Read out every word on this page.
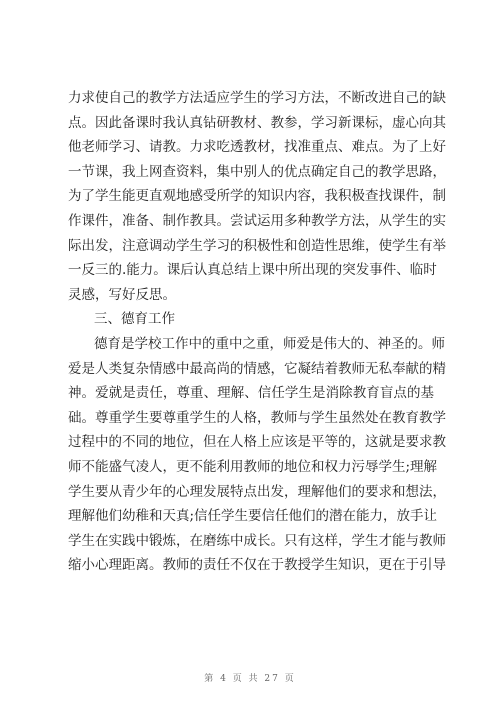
力求使自己的教学方法适应学生的学习方法，不断改进自己的缺
点。因此备课时我认真钻研教材、教参，学习新课标，虚心向其
他老师学习、请教。力求吃透教材，找准重点、难点。为了上好
一节课，我上网查资料，集中别人的优点确定自己的教学思路，
为了学生能更直观地感受所学的知识内容，我积极查找课件，制
作课件，准备、制作教具。尝试运用多种教学方法，从学生的实
际出发，注意调动学生学习的积极性和创造性思维，使学生有举
一反三的.能力。课后认真总结上课中所出现的突发事件、临时
灵感，写好反思。
三、德育工作
德育是学校工作中的重中之重，师爱是伟大的、神圣的。师
爱是人类复杂情感中最高尚的情感，它凝结着教师无私奉献的精
神。爱就是责任，尊重、理解、信任学生是消除教育盲点的基
础。尊重学生要尊重学生的人格，教师与学生虽然处在教育教学
过程中的不同的地位，但在人格上应该是平等的，这就是要求教
师不能盛气凌人，更不能利用教师的地位和权力污辱学生;理解
学生要从青少年的心理发展特点出发，理解他们的要求和想法，
理解他们幼稚和天真;信任学生要信任他们的潜在能力，放手让
学生在实践中锻炼，在磨练中成长。只有这样，学生才能与教师
缩小心理距离。教师的责任不仅在于教授学生知识，更在于引导
第 4 页 共 27 页
